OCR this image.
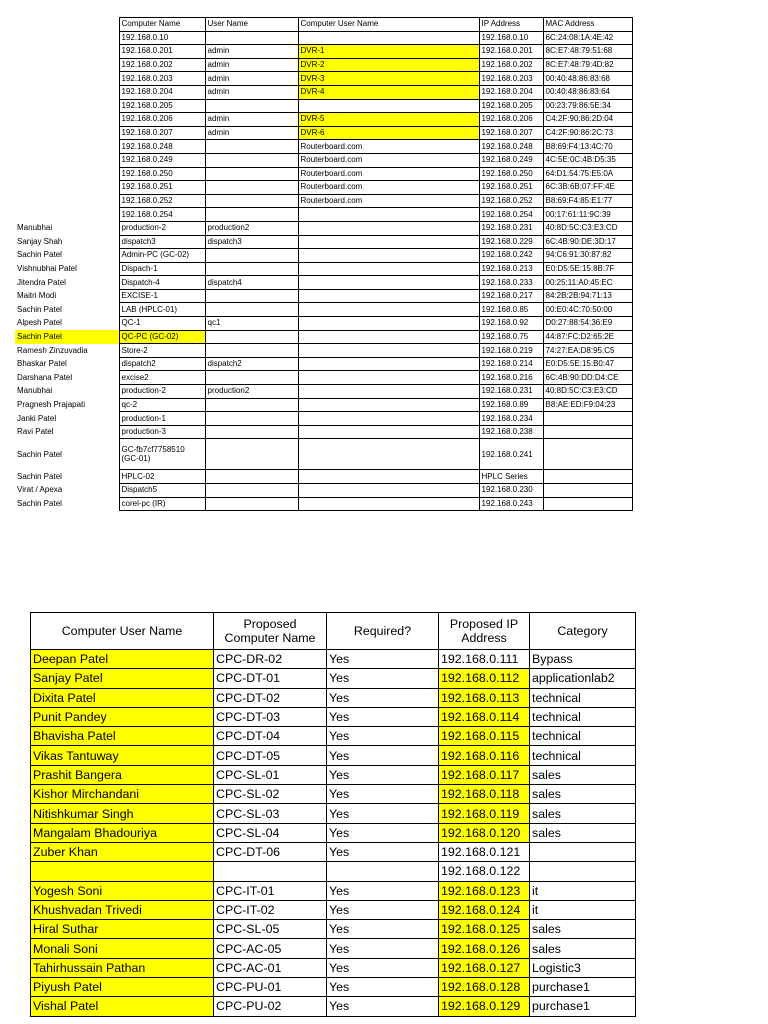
	Computer Name	User Name	Computer User Name	IP Address	MAC Address
	192.168.0.10			192.168.0.10	6C:24:08:1A:4E:42
	192.168.0.201	admin	DVR-1	192.168.0.201	8C:E7:48:79:51:68
	192.168.0.202	admin	DVR-2	192.168.0.202	8C:E7:48:79:4D:82
	192.168.0.203	admin	DVR-3	192.168.0.203	00:40:48:86:83:68
	192.168.0.204	admin	DVR-4	192.168.0.204	00:40:48:86:83:64
	192.168.0.205			192.168.0.205	00:23:79:86:5E:34
	192.168.0.206	admin	DVR-5	192.168.0.206	C4:2F:90:86:2D:04
	192.168.0.207	admin	DVR-6	192.168.0.207	C4:2F:90:86:2C:73
	192.168.0.248		Routerboard.com	192.168.0.248	B8:69:F4:13:4C:70
	192.168.0.249		Routerboard.com	192.168.0.249	4C:5E:0C:4B:D5:35
	192.168.0.250		Routerboard.com	192.168.0.250	64:D1:54:75:E5:0A
	192.168.0.251		Routerboard.com	192.168.0.251	6C:3B:6B:07:FF:4E
	192.168.0.252		Routerboard.com	192.168.0.252	B8:69:F4:85:E1:77
	192.168.0.254			192.168.0.254	00:17:61:11:9C:39
Manubhai	production-2	production2		192.168.0.231	40:8D:5C:C3:E3:CD
Sanjay Shah	dispatch3	dispatch3		192.168.0.229	6C:4B:90:DE:3D:17
Sachin Patel	Admin-PC (GC-02)			192.168.0.242	94:C6:91:30:87:82
Vishnubhai Patel	Dispach-1			192.168.0.213	E0:D5:5E:15:8B:7F
Jitendra Patel	Dispatch-4	dispatch4		192.168.0.233	00:25:11:A0:45:EC
Maitri Modi	EXCISE-1			192.168.0.217	84:2B:2B:94:71:13
Sachin Patel	LAB (HPLC-01)			192.168.0.85	00:E0:4C:70:50:00
Alpesh Patel	QC-1	qc1		192.168.0.92	D0:27:88:54:36:E9
Sachin Patel	QC-PC (GC-02)			192.168.0.75	44:87:FC:D2:65:2E
Ramesh Zinzuvadia	Store-2			192.168.0.219	74:27:EA:D8:95:C5
Bhaskar Patel	dispatch2	dispatch2		192.168.0.214	E0:D5:5E:15:B0:47
Darshana Patel	excise2			192.168.0.216	6C:4B:90:DD:D4:CE
Manubhai	production-2	production2		192.168.0.231	40:8D:5C:C3:E3:CD
Pragnesh Prajapati	qc-2			192.168.0.89	B8:AE:ED:F9:04:23
Janki Patel	production-1			192.168.0.234	
Ravi Patel	production-3			192.168.0.238	
Sachin Patel	GC-fb7cf7758510 (GC-01)			192.168.0.241	
Sachin Patel	HPLC-02			HPLC Series	
Virat / Apexa	Dispatch5			192.168.0.230	
Sachin Patel	corel-pc (IR)			192.168.0.243	
Computer User Name	Proposed Computer Name	Required?	Proposed IP Address	Category
Deepan Patel	CPC-DR-02	Yes	192.168.0.111	Bypass
Sanjay Patel	CPC-DT-01	Yes	192.168.0.112	applicationlab2
Dixita Patel	CPC-DT-02	Yes	192.168.0.113	technical
Punit Pandey	CPC-DT-03	Yes	192.168.0.114	technical
Bhavisha Patel	CPC-DT-04	Yes	192.168.0.115	technical
Vikas Tantuway	CPC-DT-05	Yes	192.168.0.116	technical
Prashit Bangera	CPC-SL-01	Yes	192.168.0.117	sales
Kishor Mirchandani	CPC-SL-02	Yes	192.168.0.118	sales
Nitishkumar Singh	CPC-SL-03	Yes	192.168.0.119	sales
Mangalam Bhadouriya	CPC-SL-04	Yes	192.168.0.120	sales
Zuber Khan	CPC-DT-06	Yes	192.168.0.121	
			192.168.0.122	
Yogesh Soni	CPC-IT-01	Yes	192.168.0.123	it
Khushvadan Trivedi	CPC-IT-02	Yes	192.168.0.124	it
Hiral Suthar	CPC-SL-05	Yes	192.168.0.125	sales
Monali Soni	CPC-AC-05	Yes	192.168.0.126	sales
Tahirhussain Pathan	CPC-AC-01	Yes	192.168.0.127	Logistic3
Piyush Patel	CPC-PU-01	Yes	192.168.0.128	purchase1
Vishal Patel	CPC-PU-02	Yes	192.168.0.129	purchase1
